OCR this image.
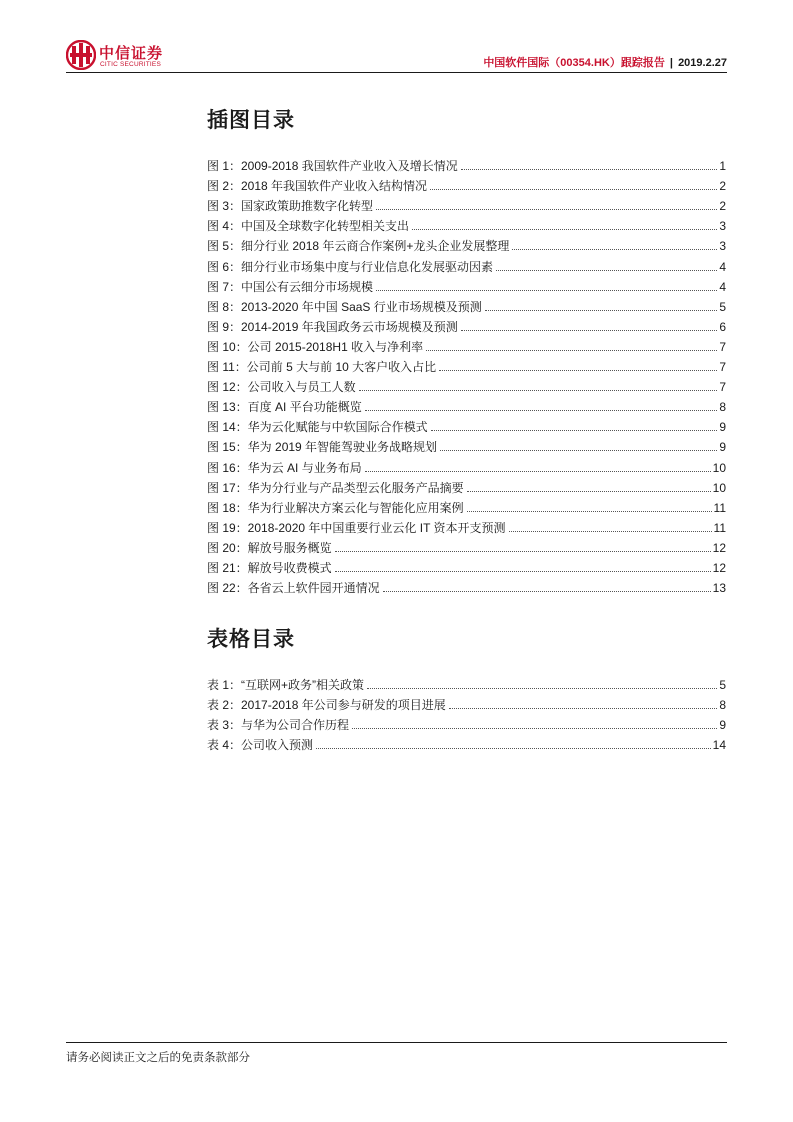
中信证券
CITIC SECURITIES	中国软件国际（00354.HK）跟踪报告 | 2019.2.27
插图目录
图 1：2009-2018 我国软件产业收入及增长情况	1
图 2：2018 年我国软件产业收入结构情况	2
图 3：国家政策助推数字化转型	2
图 4：中国及全球数字化转型相关支出	3
图 5：细分行业 2018 年云商合作案例+龙头企业发展整理	3
图 6：细分行业市场集中度与行业信息化发展驱动因素	4
图 7：中国公有云细分市场规模	4
图 8：2013-2020 年中国 SaaS 行业市场规模及预测	5
图 9：2014-2019 年我国政务云市场规模及预测	6
图 10：公司 2015-2018H1 收入与净利率	7
图 11：公司前 5 大与前 10 大客户收入占比	7
图 12：公司收入与员工人数	7
图 13：百度 AI 平台功能概览	8
图 14：华为云化赋能与中软国际合作模式	9
图 15：华为 2019 年智能驾驶业务战略规划	9
图 16：华为云 AI 与业务布局	10
图 17：华为分行业与产品类型云化服务产品摘要	10
图 18：华为行业解决方案云化与智能化应用案例	11
图 19：2018-2020 年中国重要行业云化 IT 资本开支预测	11
图 20：解放号服务概览	12
图 21：解放号收费模式	12
图 22：各省云上软件园开通情况	13
表格目录
表 1：“互联网+政务”相关政策	5
表 2：2017-2018 年公司参与研发的项目进展	8
表 3：与华为公司合作历程	9
表 4：公司收入预测	14
请务必阅读正文之后的免责条款部分
